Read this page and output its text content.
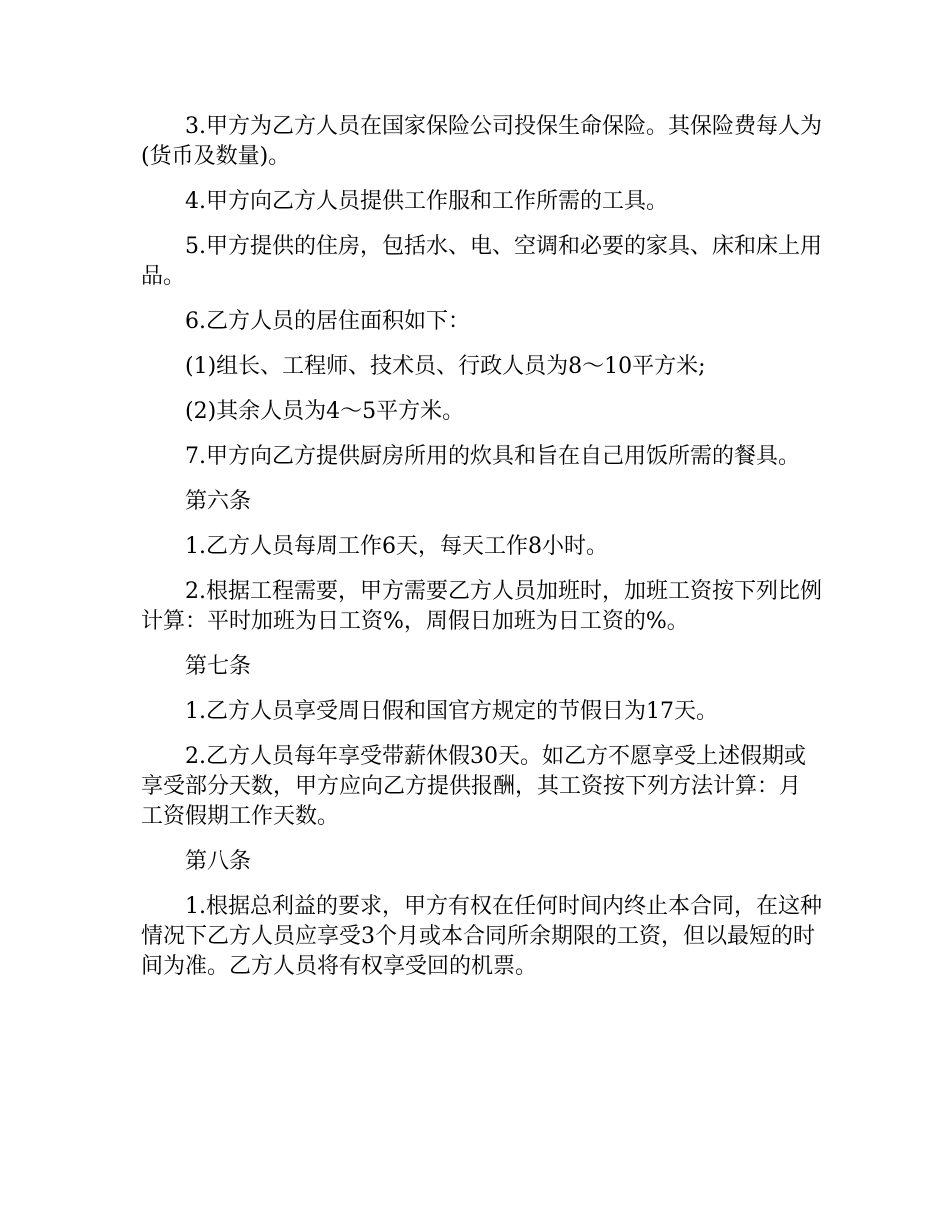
3.甲方为乙方人员在国家保险公司投保生命保险。其保险费每人为(货币及数量)。

4.甲方向乙方人员提供工作服和工作所需的工具。

5.甲方提供的住房，包括水、电、空调和必要的家具、床和床上用品。

6.乙方人员的居住面积如下：

(1)组长、工程师、技术员、行政人员为8～10平方米;

(2)其余人员为4～5平方米。

7.甲方向乙方提供厨房所用的炊具和旨在自己用饭所需的餐具。

第六条

1.乙方人员每周工作6天，每天工作8小时。

2.根据工程需要，甲方需要乙方人员加班时，加班工资按下列比例计算：平时加班为日工资%，周假日加班为日工资的%。

第七条

1.乙方人员享受周日假和国官方规定的节假日为17天。

2.乙方人员每年享受带薪休假30天。如乙方不愿享受上述假期或享受部分天数，甲方应向乙方提供报酬，其工资按下列方法计算：月工资假期工作天数。

第八条

1.根据总利益的要求，甲方有权在任何时间内终止本合同，在这种情况下乙方人员应享受3个月或本合同所余期限的工资，但以最短的时间为准。乙方人员将有权享受回的机票。
